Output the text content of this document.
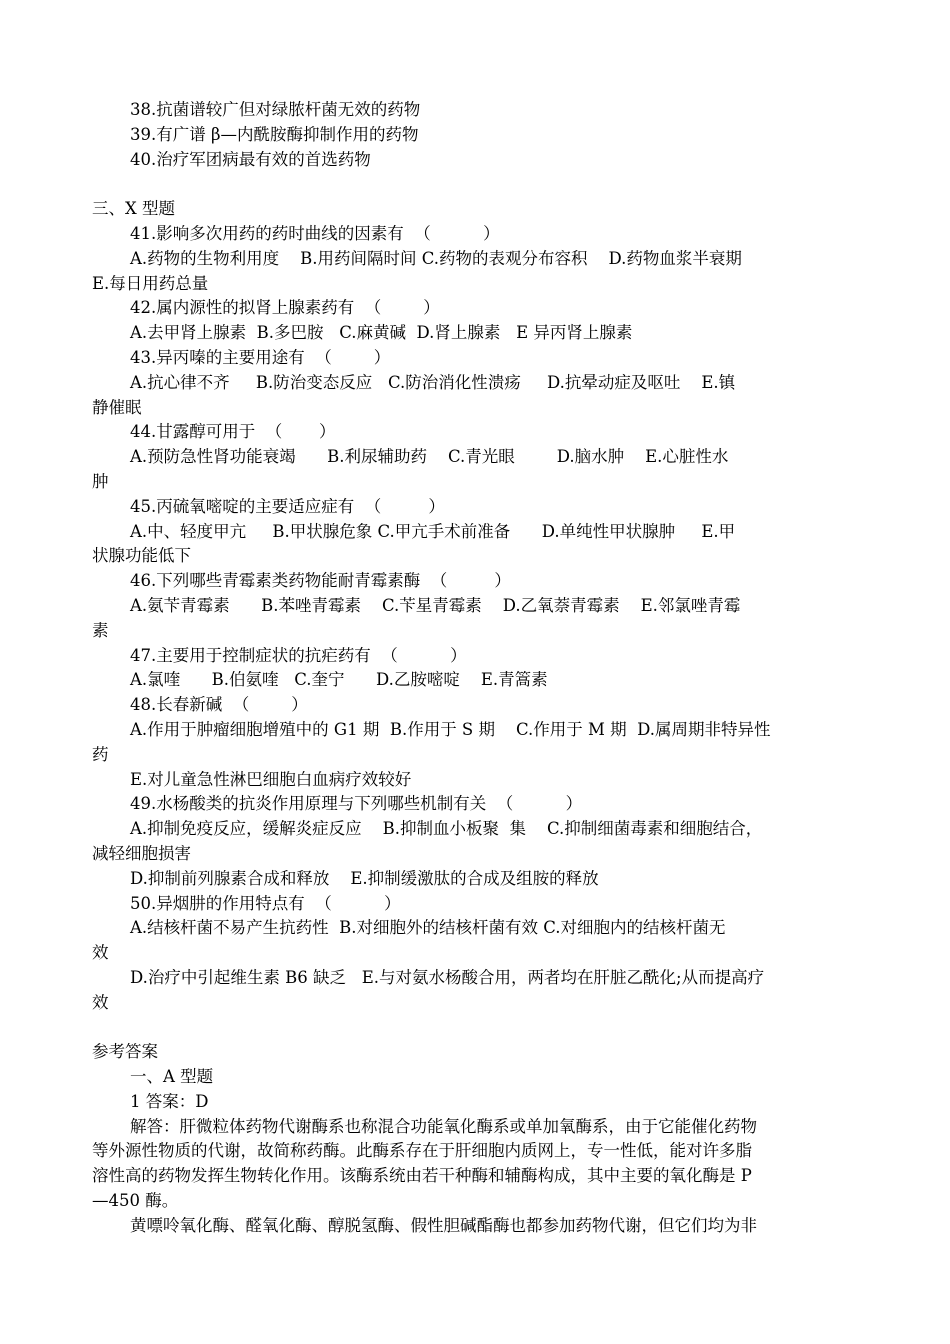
38.抗菌谱较广但对绿脓杆菌无效的药物
39.有广谱 β—内酰胺酶抑制作用的药物
40.治疗军团病最有效的首选药物
三、X 型题
41.影响多次用药的药时曲线的因素有  （          ）
A.药物的生物利用度    B.用药间隔时间 C.药物的表观分布容积    D.药物血浆半衰期
E.每日用药总量
42.属内源性的拟肾上腺素药有  （        ）
A.去甲肾上腺素  B.多巴胺   C.麻黄碱  D.肾上腺素   E 异丙肾上腺素
43.异丙嗪的主要用途有  （        ）
A.抗心律不齐     B.防治变态反应   C.防治消化性溃疡     D.抗晕动症及呕吐    E.镇
静催眠
44.甘露醇可用于  （       ）
A.预防急性肾功能衰竭      B.利尿辅助药    C.青光眼        D.脑水肿    E.心脏性水
肿
45.丙硫氧嘧啶的主要适应症有  （         ）
A.中、轻度甲亢     B.甲状腺危象 C.甲亢手术前准备      D.单纯性甲状腺肿     E.甲
状腺功能低下
46.下列哪些青霉素类药物能耐青霉素酶  （         ）
A.氨苄青霉素      B.苯唑青霉素    C.苄星青霉素    D.乙氧萘青霉素    E.邻氯唑青霉
素
47.主要用于控制症状的抗疟药有  （          ）
A.氯喹      B.伯氨喹   C.奎宁      D.乙胺嘧啶    E.青篙素
48.长春新碱  （        ）
A.作用于肿瘤细胞增殖中的 G1 期  B.作用于 S 期    C.作用于 M 期  D.属周期非特异性
药
E.对儿童急性淋巴细胞白血病疗效较好
49.水杨酸类的抗炎作用原理与下列哪些机制有关  （          ）
A.抑制免疫反应，缓解炎症反应    B.抑制血小板聚  集    C.抑制细菌毒素和细胞结合，
减轻细胞损害
D.抑制前列腺素合成和释放    E.抑制缓激肽的合成及组胺的释放
50.异烟肼的作用特点有  （          ）
A.结核杆菌不易产生抗药性  B.对细胞外的结核杆菌有效 C.对细胞内的结核杆菌无
效
D.治疗中引起维生素 B6 缺乏   E.与对氨水杨酸合用，两者均在肝脏乙酰化;从而提高疗
效
参考答案
一、A 型题
1 答案：D
解答：肝微粒体药物代谢酶系也称混合功能氧化酶系或单加氧酶系，由于它能催化药物
等外源性物质的代谢，故简称药酶。此酶系存在于肝细胞内质网上，专一性低，能对许多脂
溶性高的药物发挥生物转化作用。该酶系统由若干种酶和辅酶构成，其中主要的氧化酶是 P
—450 酶。
黄嘌呤氧化酶、醛氧化酶、醇脱氢酶、假性胆碱酯酶也都参加药物代谢，但它们均为非
